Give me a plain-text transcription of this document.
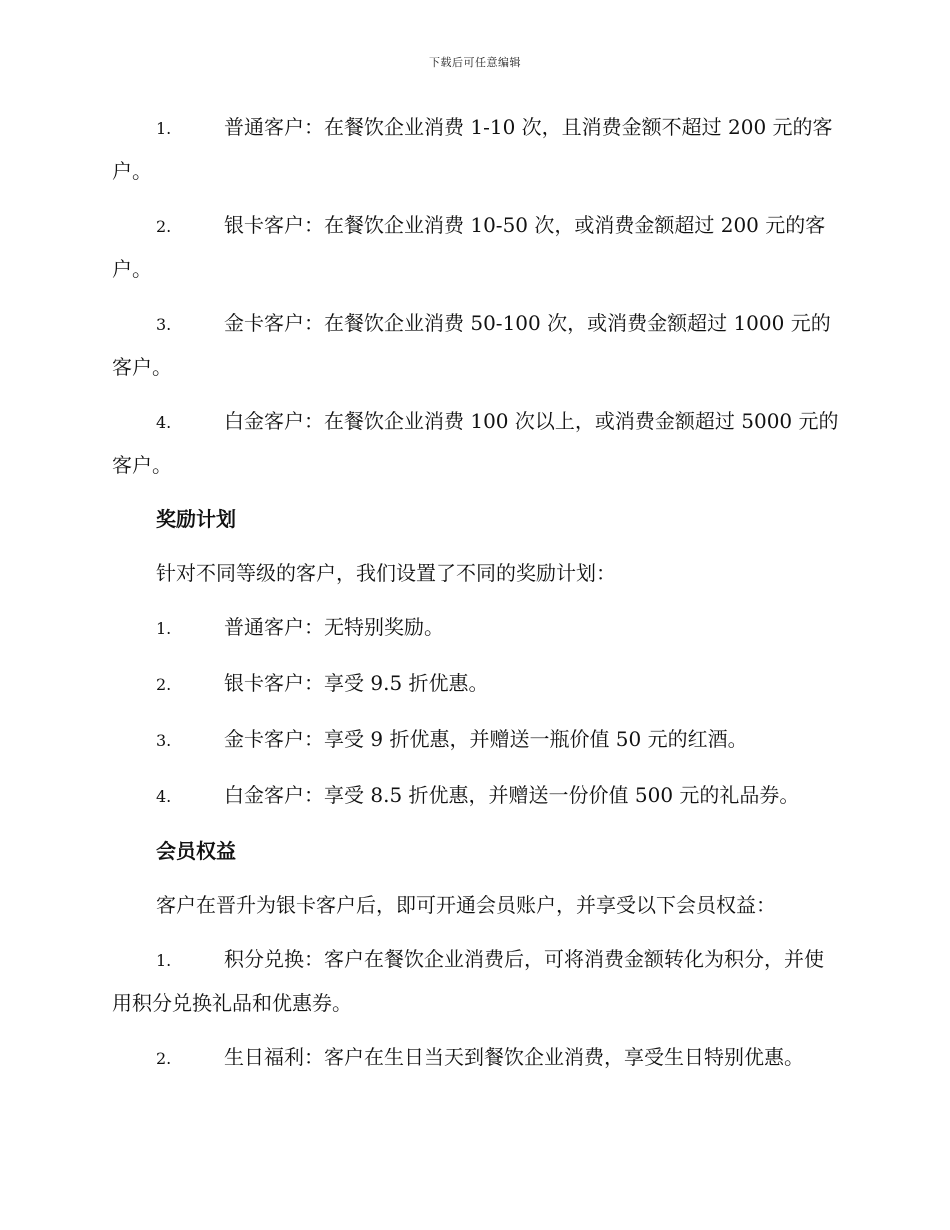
下载后可任意编辑

1.	普通客户：在餐饮企业消费 1-10 次，且消费金额不超过 200 元的客户。

2.	银卡客户：在餐饮企业消费 10-50 次，或消费金额超过 200 元的客户。

3.	金卡客户：在餐饮企业消费 50-100 次，或消费金额超过 1000 元的客户。

4.	白金客户：在餐饮企业消费 100 次以上，或消费金额超过 5000 元的客户。

奖励计划

针对不同等级的客户，我们设置了不同的奖励计划：

1.	普通客户：无特别奖励。

2.	银卡客户：享受 9.5 折优惠。

3.	金卡客户：享受 9 折优惠，并赠送一瓶价值 50 元的红酒。

4.	白金客户：享受 8.5 折优惠，并赠送一份价值 500 元的礼品券。

会员权益

客户在晋升为银卡客户后，即可开通会员账户，并享受以下会员权益：

1.	积分兑换：客户在餐饮企业消费后，可将消费金额转化为积分，并使用积分兑换礼品和优惠券。

2.	生日福利：客户在生日当天到餐饮企业消费，享受生日特别优惠。
